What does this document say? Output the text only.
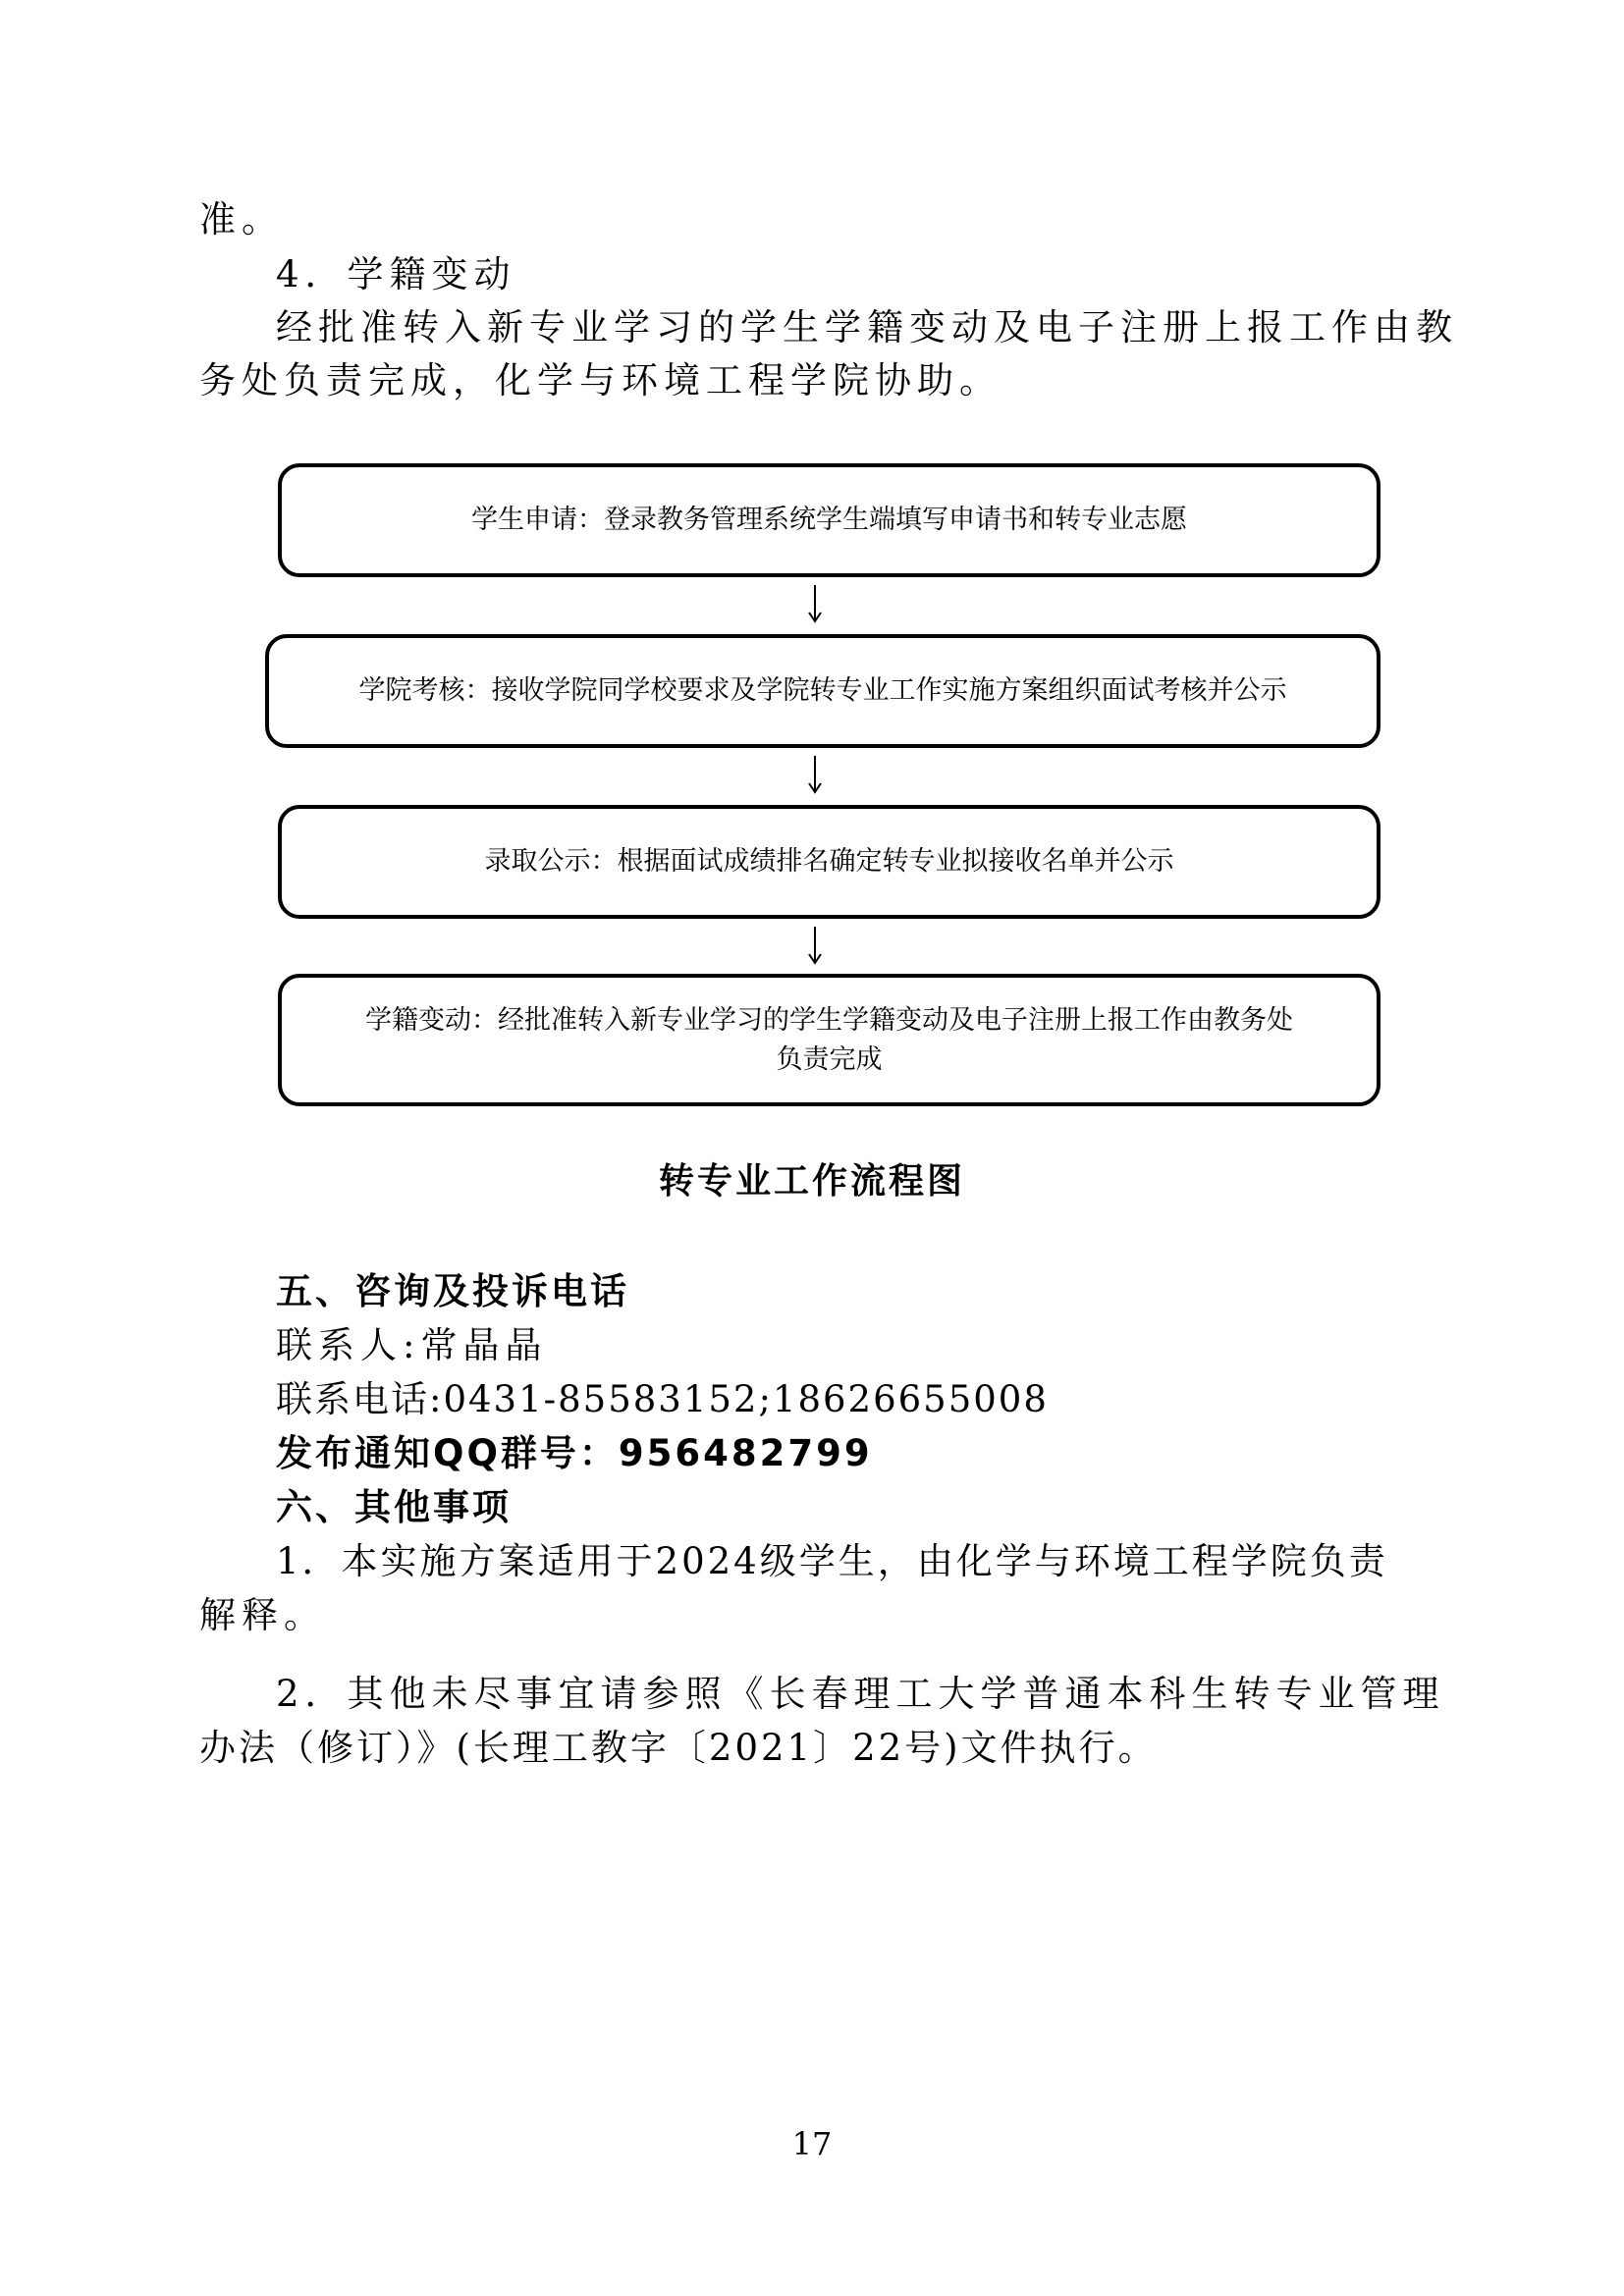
准。
4．学籍变动
经批准转入新专业学习的学生学籍变动及电子注册上报工作由教
务处负责完成，化学与环境工程学院协助。
学生申请：登录教务管理系统学生端填写申请书和转专业志愿
学院考核：接收学院同学校要求及学院转专业工作实施方案组织面试考核并公示
录取公示：根据面试成绩排名确定转专业拟接收名单并公示
学籍变动：经批准转入新专业学习的学生学籍变动及电子注册上报工作由教务处
负责完成
转专业工作流程图
五、咨询及投诉电话
联系人:常晶晶
联系电话:0431-85583152;18626655008
发布通知QQ群号：956482799
六、其他事项
1．本实施方案适用于2024级学生，由化学与环境工程学院负责
解释。
2．其他未尽事宜请参照《长春理工大学普通本科生转专业管理
办法（修订）》(长理工教字〔2021〕22号)文件执行。
17
